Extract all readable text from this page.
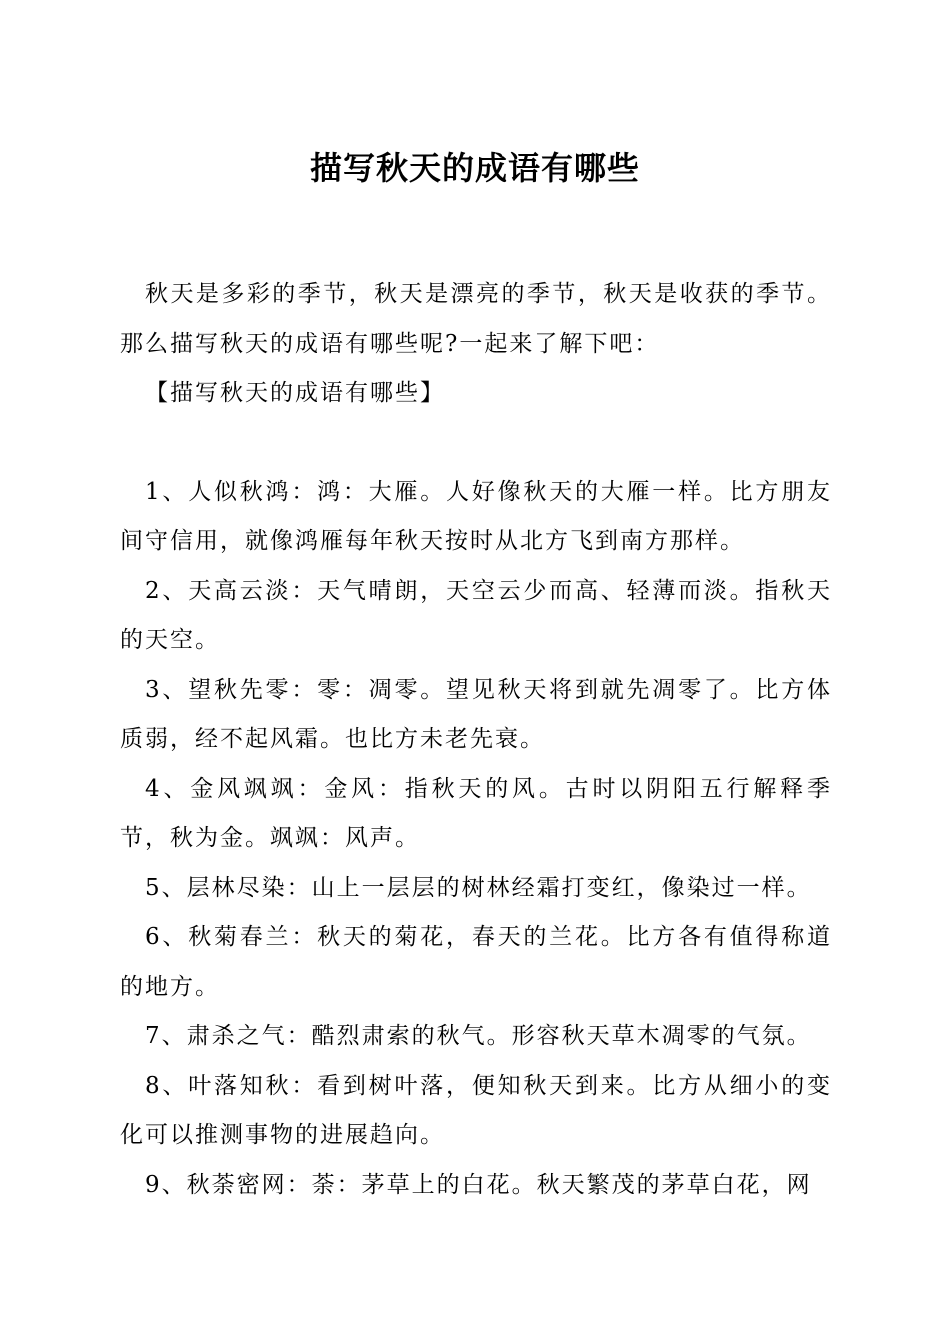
描写秋天的成语有哪些

秋天是多彩的季节，秋天是漂亮的季节，秋天是收获的季节。那么描写秋天的成语有哪些呢?一起来了解下吧：

【描写秋天的成语有哪些】

1、人似秋鸿：鸿：大雁。人好像秋天的大雁一样。比方朋友间守信用，就像鸿雁每年秋天按时从北方飞到南方那样。

2、天高云淡：天气晴朗，天空云少而高、轻薄而淡。指秋天的天空。

3、望秋先零：零：凋零。望见秋天将到就先凋零了。比方体质弱，经不起风霜。也比方未老先衰。

4、金风飒飒：金风：指秋天的风。古时以阴阳五行解释季节，秋为金。飒飒：风声。

5、层林尽染：山上一层层的树林经霜打变红，像染过一样。

6、秋菊春兰：秋天的菊花，春天的兰花。比方各有值得称道的地方。

7、肃杀之气：酷烈肃索的秋气。形容秋天草木凋零的气氛。

8、叶落知秋：看到树叶落，便知秋天到来。比方从细小的变化可以推测事物的进展趋向。

9、秋荼密网：荼：茅草上的白花。秋天繁茂的茅草白花，网
